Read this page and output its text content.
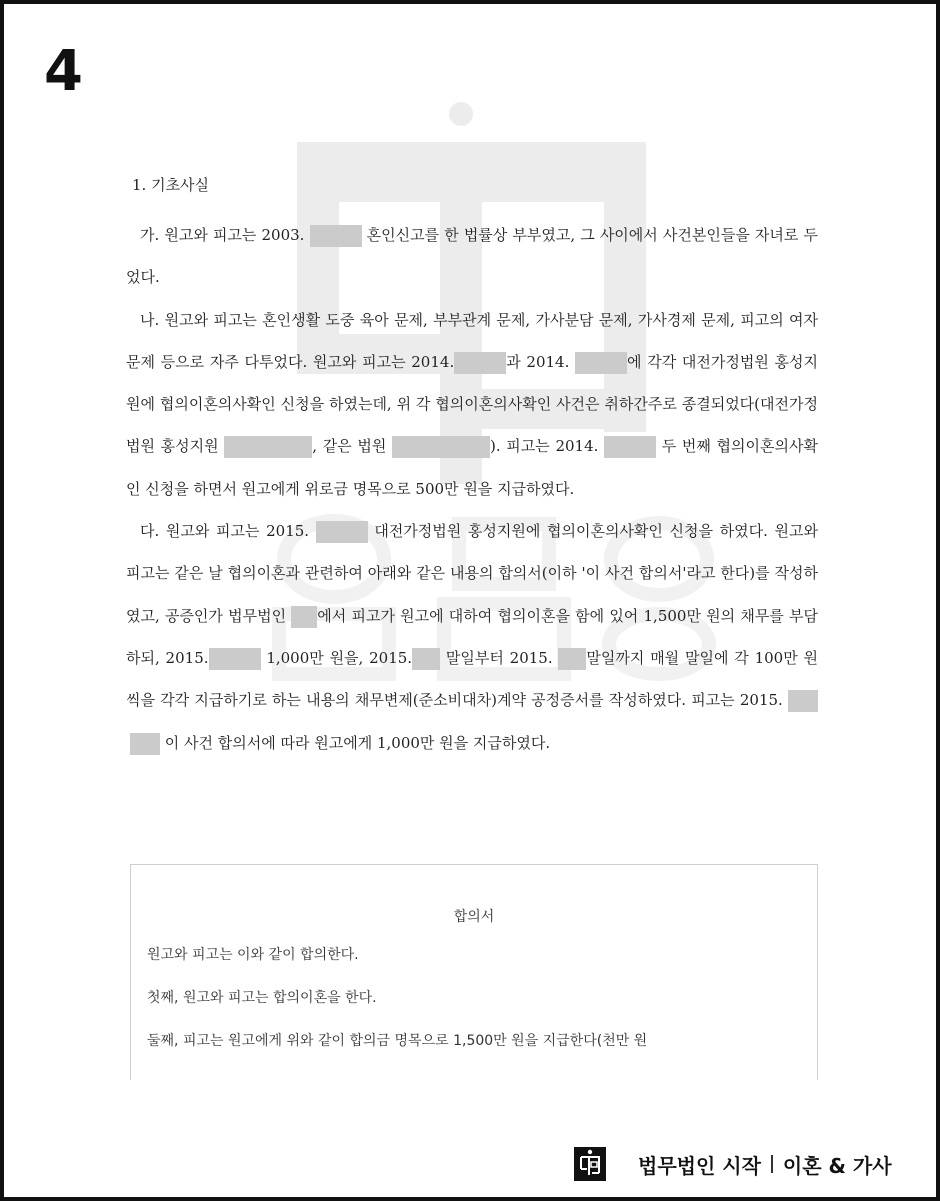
4
1. 기초사실

가. 원고와 피고는 2003.	혼인신고를 한 법률상 부부였고, 그 사이에서 사건본인들을 자녀로 두었다.

나. 원고와 피고는 혼인생활 도중 육아 문제, 부부관계 문제, 가사분담 문제, 가사경제 문제, 피고의 여자 문제 등으로 자주 다투었다. 원고와 피고는 2014.	과 2014.	에 각각 대전가정법원 홍성지원에 협의이혼의사확인 신청을 하였는데, 위 각 협의이혼의사확인 사건은 취하간주로 종결되었다(대전가정법원 홍성지원	, 같은 법원	). 피고는 2014.	두 번째 협의이혼의사확인 신청을 하면서 원고에게 위로금 명목으로 500만 원을 지급하였다.

다. 원고와 피고는 2015.	대전가정법원 홍성지원에 협의이혼의사확인 신청을 하였다. 원고와 피고는 같은 날 협의이혼과 관련하여 아래와 같은 내용의 합의서(이하 '이 사건 합의서'라고 한다)를 작성하였고, 공증인가 법무법인 에서 피고가 원고에 대하여 협의이혼을 함에 있어 1,500만 원의 채무를 부담하되, 2015.	1,000만 원을, 2015. 말일부터 2015. 말일까지 매월 말일에 각 100만 원씩을 각각 지급하기로 하는 내용의 채무변제(준소비대차)계약 공정증서를 작성하였다. 피고는 2015.  이 사건 합의서에 따라 원고에게 1,000만 원을 지급하였다.

합의서
원고와 피고는 이와 같이 합의한다.
첫째, 원고와 피고는 합의이혼을 한다.
둘째, 피고는 원고에게 위와 같이 합의금 명목으로 1,500만 원을 지급한다(천만 원
법무법인 시작 이혼 & 가사
